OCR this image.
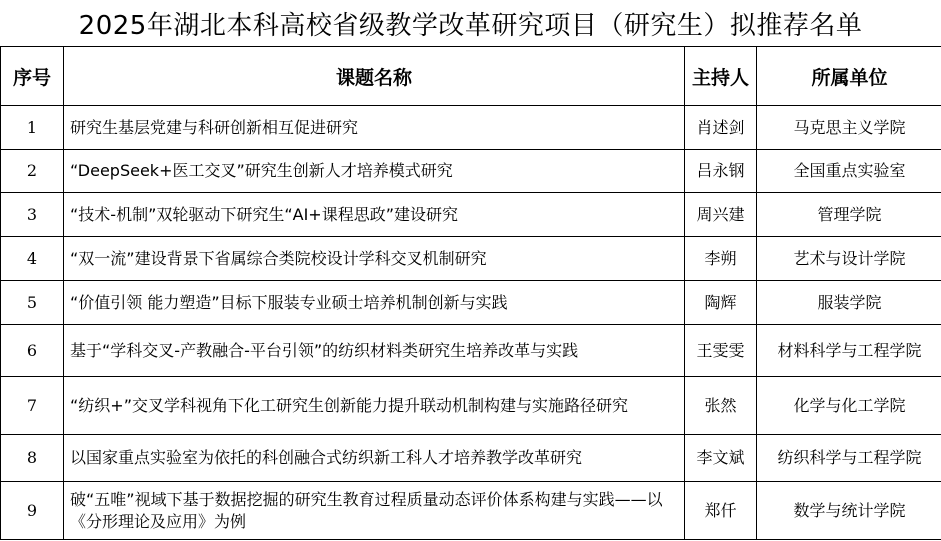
2025年湖北本科高校省级教学改革研究项目（研究生）拟推荐名单
序号	课题名称	主持人	所属单位
1	研究生基层党建与科研创新相互促进研究	肖述剑	马克思主义学院
2	“DeepSeek+医工交叉”研究生创新人才培养模式研究	吕永钢	全国重点实验室
3	“技术-机制”双轮驱动下研究生“AI+课程思政”建设研究	周兴建	管理学院
4	“双一流”建设背景下省属综合类院校设计学科交叉机制研究	李朔	艺术与设计学院
5	“价值引领 能力塑造”目标下服装专业硕士培养机制创新与实践	陶辉	服装学院
6	基于“学科交叉-产教融合-平台引领”的纺织材料类研究生培养改革与实践	王雯雯	材料科学与工程学院
7	“纺织+”交叉学科视角下化工研究生创新能力提升联动机制构建与实施路径研究	张然	化学与化工学院
8	以国家重点实验室为依托的科创融合式纺织新工科人才培养教学改革研究	李文斌	纺织科学与工程学院
9	破“五唯”视域下基于数据挖掘的研究生教育过程质量动态评价体系构建与实践——以《分形理论及应用》为例	郑仟	数学与统计学院
